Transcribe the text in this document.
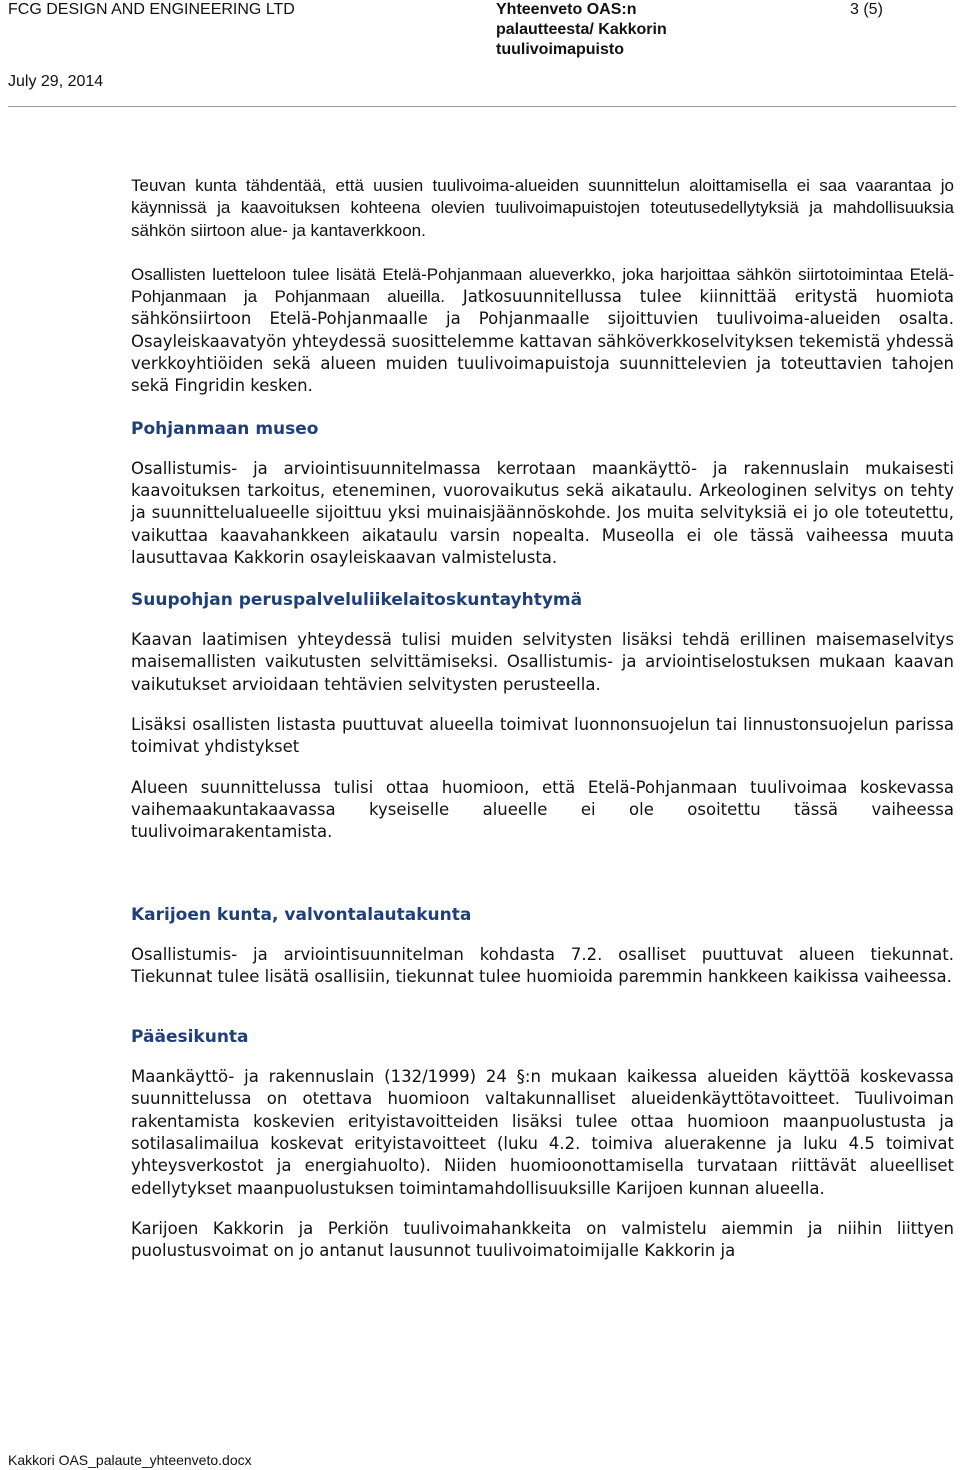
FCG DESIGN AND ENGINEERING LTD	Yhteenveto OAS:n
palautteesta/ Kakkorin
tuulivoimapuisto
3 (5)
July 29, 2014

Teuvan kunta tähdentää, että uusien tuulivoima-alueiden suunnittelun aloittamisella ei saa vaarantaa jo käynnissä ja kaavoituksen kohteena olevien tuulivoimapuistojen toteutusedellytyksiä ja mahdollisuuksia sähkön siirtoon alue- ja kantaverkkoon.

Osallisten luetteloon tulee lisätä Etelä-Pohjanmaan alueverkko, joka harjoittaa sähkön siirtotoimintaa Etelä-Pohjanmaan ja Pohjanmaan alueilla. Jatkosuunnitellussa tulee kiinnittää eritystä huomiota sähkönsiirtoon Etelä-Pohjanmaalle ja Pohjanmaalle sijoittuvien tuulivoima-alueiden osalta. Osayleiskaavatyön yhteydessä suosittelemme kattavan sähköverkkoselvityksen tekemistä yhdessä verkkoyhtiöiden sekä alueen muiden tuulivoimapuistoja suunnittelevien ja toteuttavien tahojen sekä Fingridin kesken.

Pohjanmaan museo

Osallistumis- ja arviointisuunnitelmassa kerrotaan maankäyttö- ja rakennuslain mukaisesti kaavoituksen tarkoitus, eteneminen, vuorovaikutus sekä aikataulu. Arkeologinen selvitys on tehty ja suunnittelualueelle sijoittuu yksi muinaisjäännöskohde. Jos muita selvityksiä ei jo ole toteutettu, vaikuttaa kaavahankkeen aikataulu varsin nopealta. Museolla ei ole tässä vaiheessa muuta lausuttavaa Kakkorin osayleiskaavan valmistelusta.

Suupohjan peruspalveluliikelaitoskuntayhtymä

Kaavan laatimisen yhteydessä tulisi muiden selvitysten lisäksi tehdä erillinen maisemaselvitys maisemallisten vaikutusten selvittämiseksi. Osallistumis- ja arviointiselostuksen mukaan kaavan vaikutukset arvioidaan tehtävien selvitysten perusteella.

Lisäksi osallisten listasta puuttuvat alueella toimivat luonnonsuojelun tai linnustonsuojelun parissa toimivat yhdistykset

Alueen suunnittelussa tulisi ottaa huomioon, että Etelä-Pohjanmaan tuulivoimaa koskevassa vaihemaakuntakaavassa kyseiselle alueelle ei ole osoitettu tässä vaiheessa tuulivoimarakentamista.

Karijoen kunta, valvontalautakunta

Osallistumis- ja arviointisuunnitelman kohdasta 7.2. osalliset puuttuvat alueen tiekunnat. Tiekunnat tulee lisätä osallisiin, tiekunnat tulee huomioida paremmin hankkeen kaikissa vaiheessa.

Pääesikunta

Maankäyttö- ja rakennuslain (132/1999) 24 §:n mukaan kaikessa alueiden käyttöä koskevassa suunnittelussa on otettava huomioon valtakunnalliset alueidenkäyttötavoitteet. Tuulivoiman rakentamista koskevien erityistavoitteiden lisäksi tulee ottaa huomioon maanpuolustusta ja sotilasalimailua koskevat erityistavoitteet (luku 4.2. toimiva aluerakenne ja luku 4.5 toimivat yhteysverkostot ja energiahuolto). Niiden huomioonottamisella turvataan riittävät alueelliset edellytykset maanpuolustuksen toimintamahdollisuuksille Karijoen kunnan alueella.

Karijoen Kakkorin ja Perkiön tuulivoimahankkeita on valmistelu aiemmin ja niihin liittyen puolustusvoimat on jo antanut lausunnot tuulivoimatoimijalle Kakkorin ja

Kakkori OAS_palaute_yhteenveto.docx
